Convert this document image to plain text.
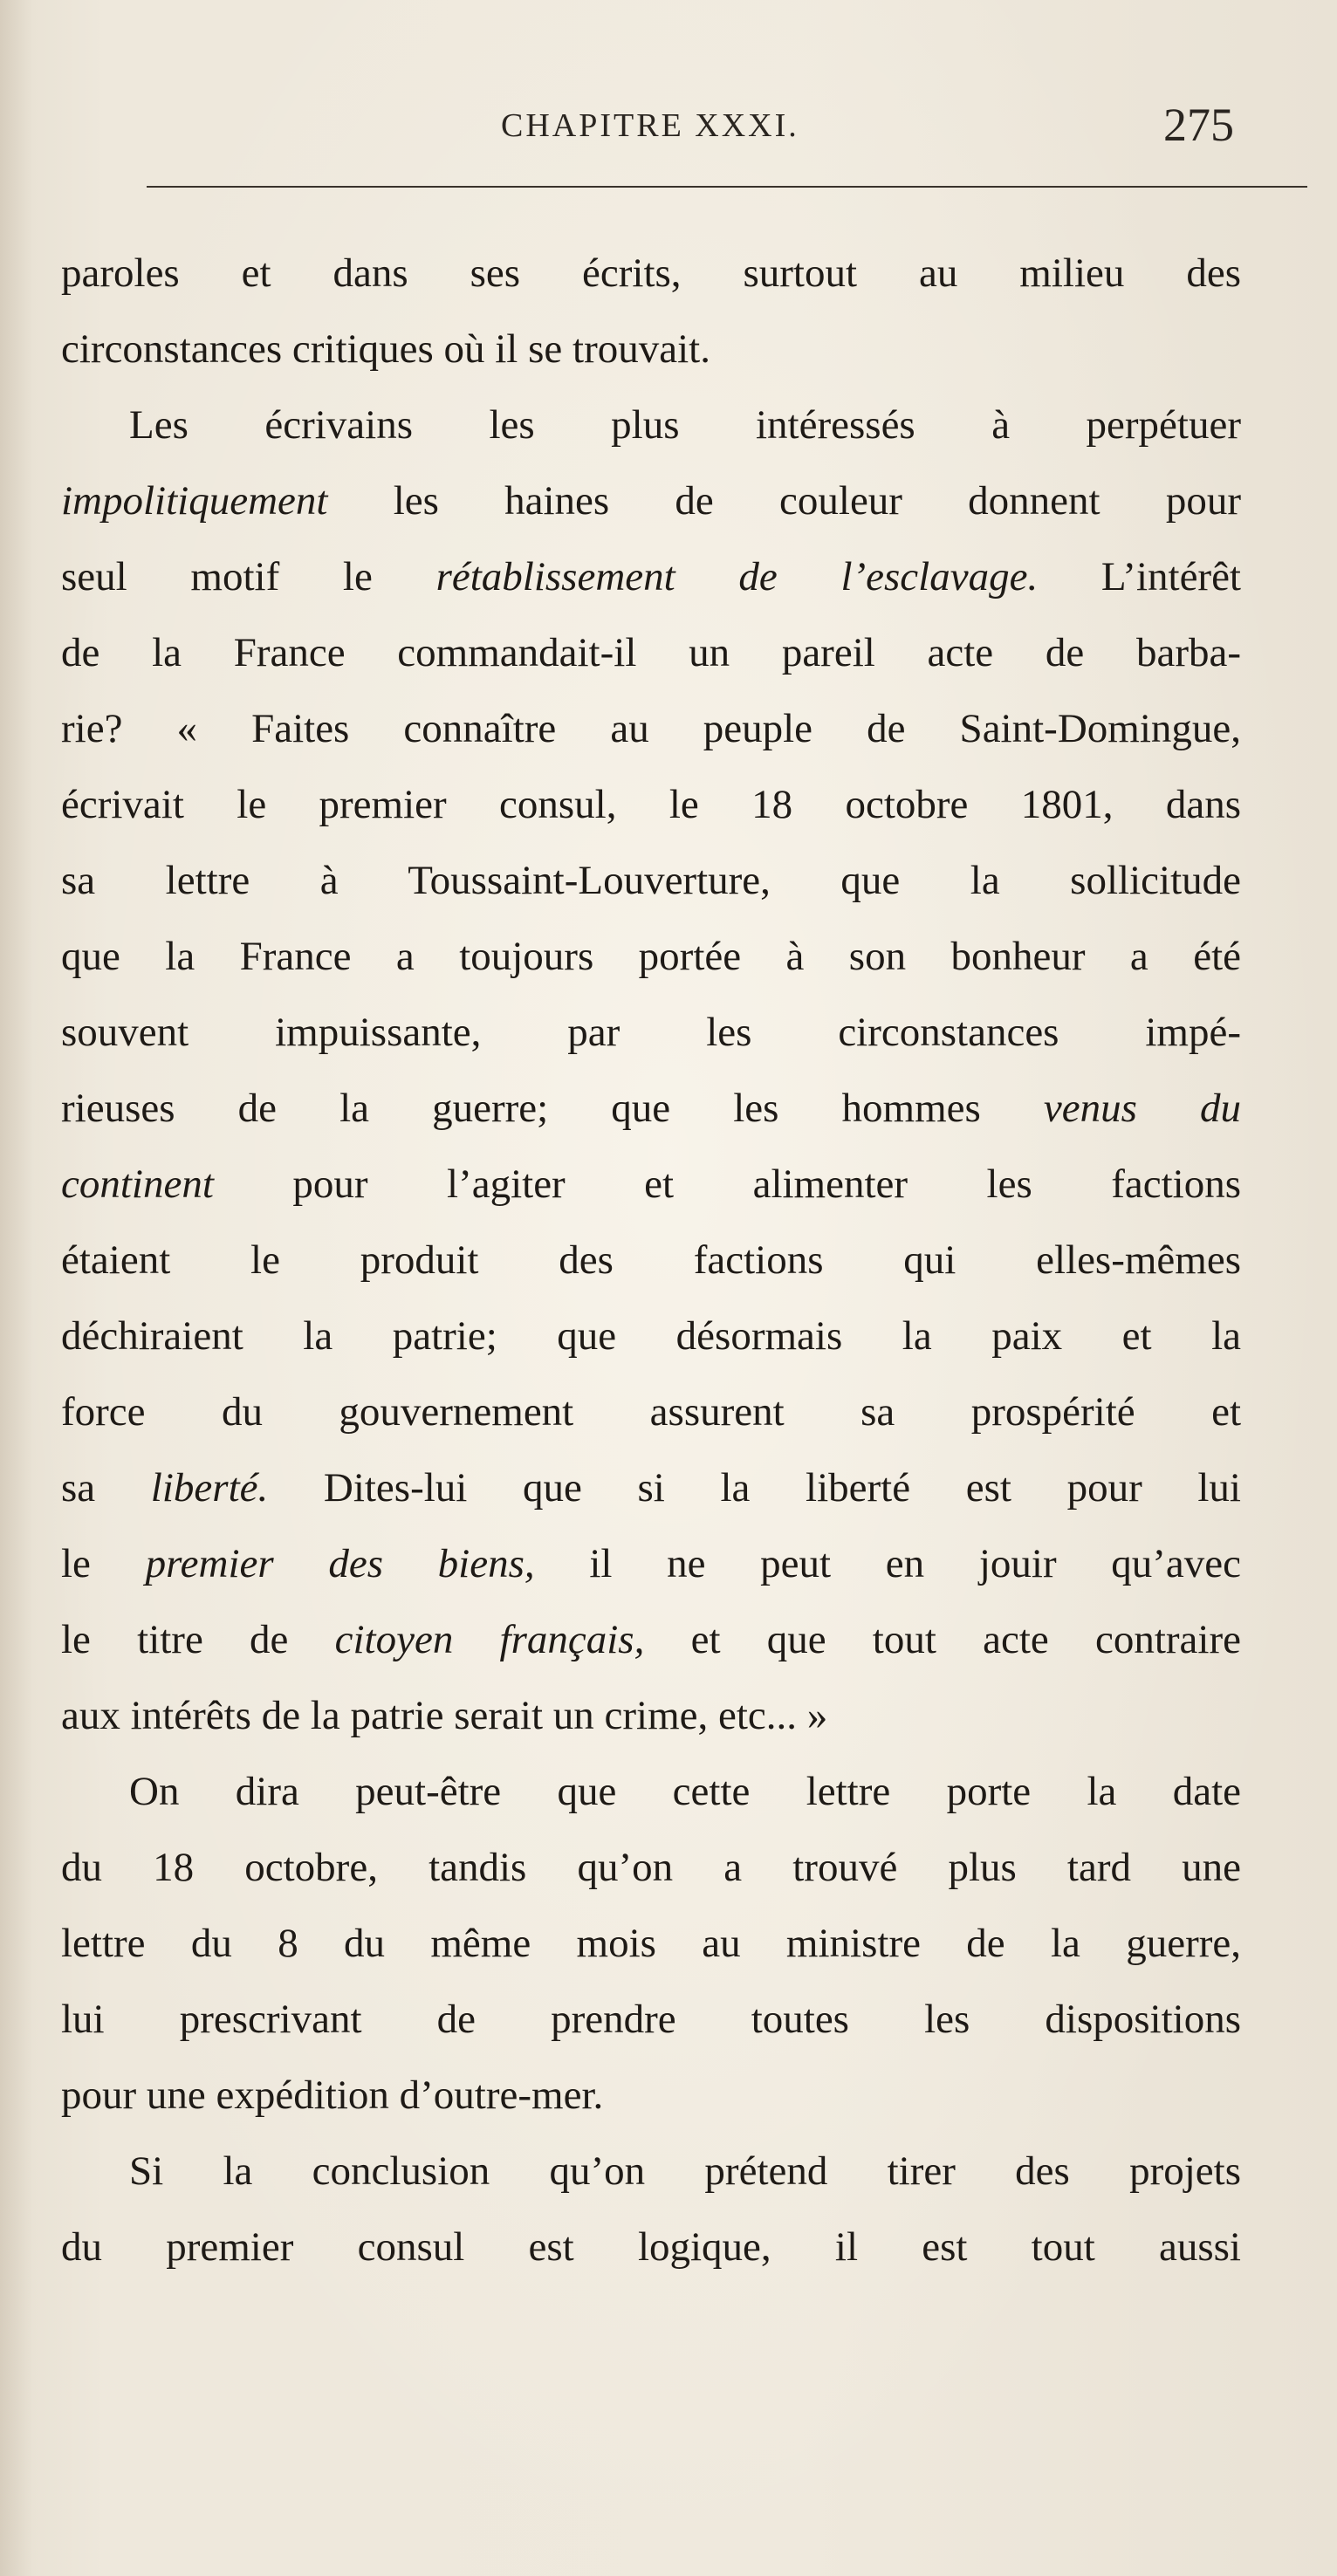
CHAPITRE XXXI.	275
paroles et dans ses écrits, surtout au milieu des
circonstances critiques où il se trouvait.
Les écrivains les plus intéressés à perpétuer
impolitiquement les haines de couleur donnent pour
seul motif le rétablissement de l’esclavage. L’intérêt
de la France commandait-il un pareil acte de barba-
rie? « Faites connaître au peuple de Saint-Domingue,
écrivait le premier consul, le 18 octobre 1801, dans
sa lettre à Toussaint-Louverture, que la sollicitude
que la France a toujours portée à son bonheur a été
souvent impuissante, par les circonstances impé-
rieuses de la guerre; que les hommes venus du
continent pour l’agiter et alimenter les factions
étaient le produit des factions qui elles-mêmes
déchiraient la patrie; que désormais la paix et la
force du gouvernement assurent sa prospérité et
sa liberté. Dites-lui que si la liberté est pour lui
le premier des biens, il ne peut en jouir qu’avec
le titre de citoyen français, et que tout acte contraire
aux intérêts de la patrie serait un crime, etc... »
On dira peut-être que cette lettre porte la date
du 18 octobre, tandis qu’on a trouvé plus tard une
lettre du 8 du même mois au ministre de la guerre,
lui prescrivant de prendre toutes les dispositions
pour une expédition d’outre-mer.
Si la conclusion qu’on prétend tirer des projets
du premier consul est logique, il est tout aussi
